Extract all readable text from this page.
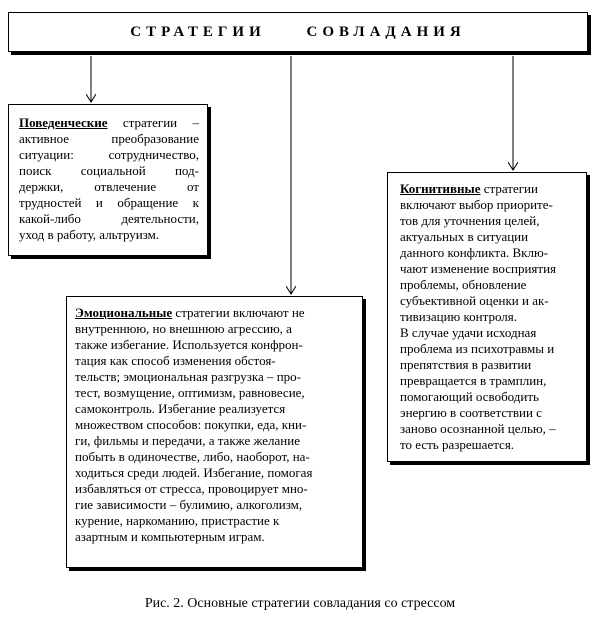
СТРАТЕГИИ СОВЛАДАНИЯ
Поведенческие стратегии –
активное преобразование
ситуации: сотрудничество,
поиск социальной под-
держки, отвлечение от
трудностей и обращение к
какой-либо деятельности,
уход в работу, альтруизм.
Когнитивные стратегии
включают выбор приорите-
тов для уточнения целей,
актуальных в ситуации
данного конфликта. Вклю-
чают изменение восприятия
проблемы, обновление
субъективной оценки и ак-
тивизацию контроля.
В случае удачи исходная
проблема из психотравмы и
препятствия в развитии
превращается в трамплин,
помогающий освободить
энергию в соответствии с
заново осознанной целью, –
то есть разрешается.
Эмоциональные стратегии включают не
внутреннюю, но внешнюю агрессию, а
также избегание. Используется конфрон-
тация как способ изменения обстоя-
тельств; эмоциональная разгрузка – про-
тест, возмущение, оптимизм, равновесие,
самоконтроль. Избегание реализуется
множеством способов: покупки, еда, кни-
ги, фильмы и передачи, а также желание
побыть в одиночестве, либо, наоборот, на-
ходиться среди людей. Избегание, помогая
избавляться от стресса, провоцирует мно-
гие зависимости – булимию, алкоголизм,
курение, наркоманию, пристрастие к
азартным и компьютерным играм.
Рис. 2. Основные стратегии совладания со стрессом
